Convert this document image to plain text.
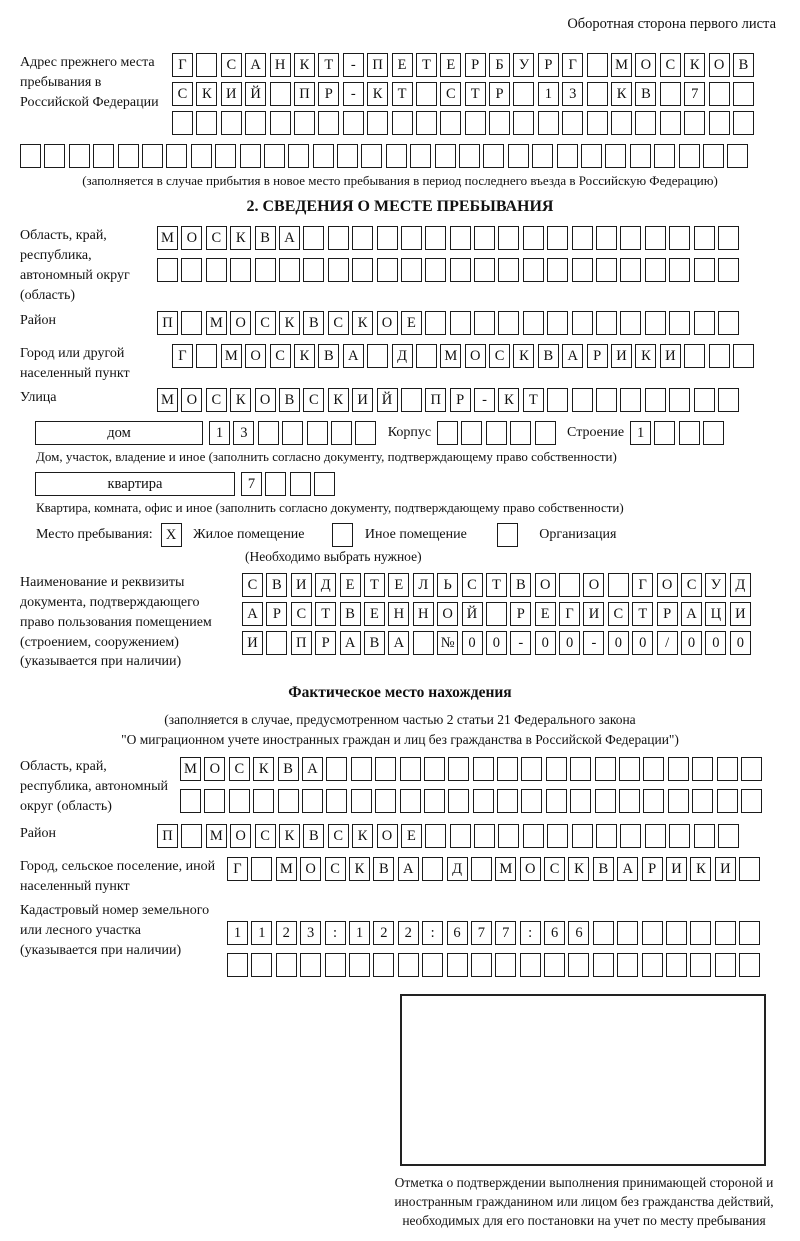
Оборотная сторона первого листа
Адрес прежнего места пребывания в Российской Федерации
Г	С А Н К	Т	-	П	Е	Т	Е	Р	Б	У	Р	Г	М О С	К О В
С	К И Й	П	Р	-	К	Т	С	Т	Р	1	3	К	В	7
(заполняется в случае прибытия в новое место пребывания в период последнего въезда в Российскую Федерацию)
2. СВЕДЕНИЯ О МЕСТЕ ПРЕБЫВАНИЯ
Область, край, республика, автономный округ (область)
М О С	К	В А
Район	П	М О С	К	В	С	К О	Е
Город или другой населенный пункт
Г	М О С	К	В А	Д	М О С	К	В А	Р	И К И
Улица	М О С	К О В	С	К И Й	П	Р	-	К	Т
дом	1	3	Корпус	Строение 1
Дом, участок, владение и иное (заполнить согласно документу, подтверждающему право собственности)
квартира	7
Квартира, комната, офис и иное (заполнить согласно документу, подтверждающему право собственности)
Место пребывания: X	Жилое помещение	Иное помещение	Организация
(Необходимо выбрать нужное)
Наименование и реквизиты документа, подтверждающего право пользования помещением (строением, сооружением) (указывается при наличии)
С	В И Д	Е	Т	Е	Л	Ь	С	Т	В О	О	Г	О С У Д
А	Р	С	Т	В	Е	Н Н О Й	Р	Е	Г	И С	Т	Р	А Ц И
И	П	Р	А В А	№ 0	0	-	0	0	-	0	0	/	0	0	0
Фактическое место нахождения
(заполняется в случае, предусмотренном частью 2 статьи 21 Федерального закона
"О миграционном учете иностранных граждан и лиц без гражданства в Российской Федерации")
Область, край, республика, автономный округ (область)
М О С	К	В А
Район	П	М О С	К	В	С	К О	Е
Город, сельское поселение, иной населенный пункт
Г	М О С	К	В А	Д	М О С	К	В А	Р	И К И
Кадастровый номер земельного или лесного участка (указывается при наличии)
1	1	2	3	:	1	2	2	:	6	7	7	:	6	6
Отметка о подтверждении выполнения принимающей стороной и иностранным гражданином или лицом без гражданства действий, необходимых для его постановки на учет по месту пребывания
